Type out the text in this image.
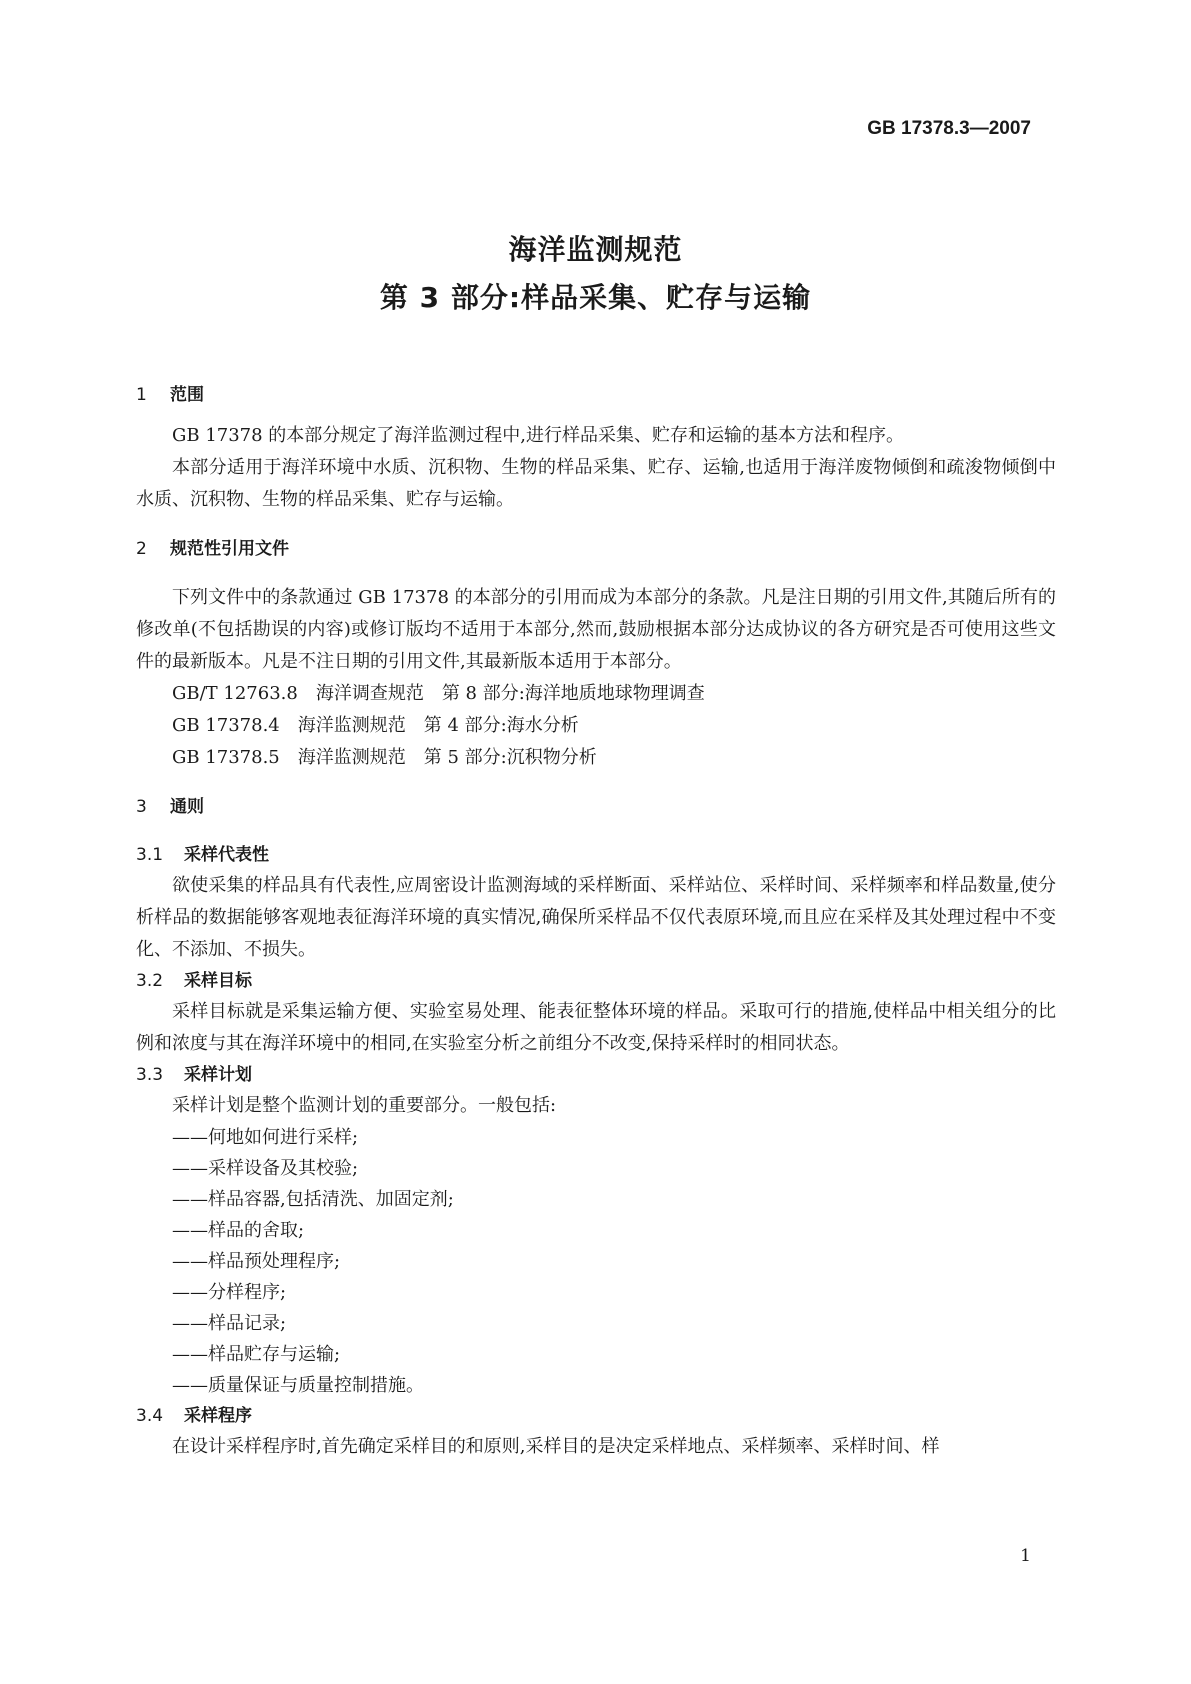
GB 17378.3—2007
海洋监测规范
第 3 部分:样品采集、贮存与运输
1 范围

GB 17378 的本部分规定了海洋监测过程中,进行样品采集、贮存和运输的基本方法和程序。

本部分适用于海洋环境中水质、沉积物、生物的样品采集、贮存、运输,也适用于海洋废物倾倒和疏浚物倾倒中水质、沉积物、生物的样品采集、贮存与运输。

2 规范性引用文件

下列文件中的条款通过 GB 17378 的本部分的引用而成为本部分的条款。凡是注日期的引用文件,其随后所有的修改单(不包括勘误的内容)或修订版均不适用于本部分,然而,鼓励根据本部分达成协议的各方研究是否可使用这些文件的最新版本。凡是不注日期的引用文件,其最新版本适用于本部分。

GB/T 12763.8　海洋调查规范　第 8 部分:海洋地质地球物理调查
GB 17378.4　海洋监测规范　第 4 部分:海水分析
GB 17378.5　海洋监测规范　第 5 部分:沉积物分析
3 通则
3.1 采样代表性

欲使采集的样品具有代表性,应周密设计监测海域的采样断面、采样站位、采样时间、采样频率和样品数量,使分析样品的数据能够客观地表征海洋环境的真实情况,确保所采样品不仅代表原环境,而且应在采样及其处理过程中不变化、不添加、不损失。

3.2 采样目标

采样目标就是采集运输方便、实验室易处理、能表征整体环境的样品。采取可行的措施,使样品中相关组分的比例和浓度与其在海洋环境中的相同,在实验室分析之前组分不改变,保持采样时的相同状态。

3.3 采样计划

采样计划是整个监测计划的重要部分。一般包括:

——何地如何进行采样;
——采样设备及其校验;
——样品容器,包括清洗、加固定剂;
——样品的舍取;
——样品预处理程序;
——分样程序;
——样品记录;
——样品贮存与运输;
——质量保证与质量控制措施。
3.4 采样程序

在设计采样程序时,首先确定采样目的和原则,采样目的是决定采样地点、采样频率、采样时间、样

1
